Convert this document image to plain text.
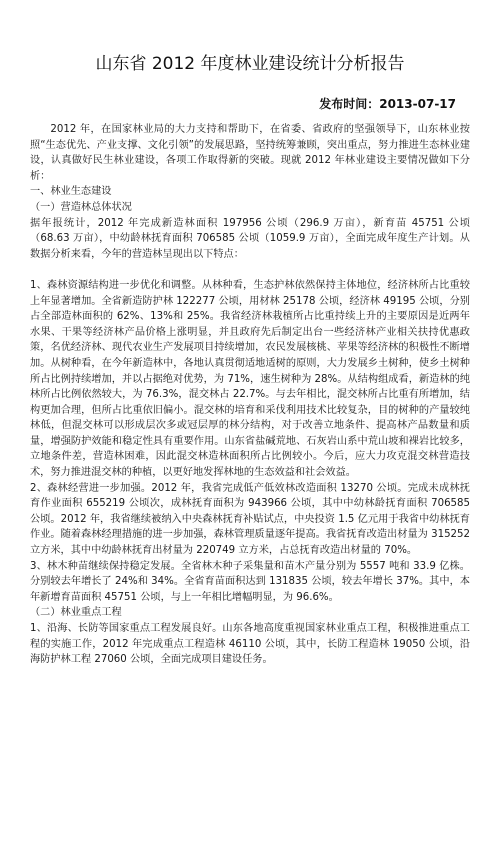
山东省 2012 年度林业建设统计分析报告
发布时间：2013-07-17

2012 年，在国家林业局的大力支持和帮助下，在省委、省政府的坚强领导下，山东林业按照“生态优先、产业支撑、文化引领”的发展思路，坚持统筹兼顾，突出重点，努力推进生态林业建设，认真做好民生林业建设，各项工作取得新的突破。现就 2012 年林业建设主要情况做如下分析：

一、林业生态建设

（一）营造林总体状况

据年报统计，2012 年完成新造林面积 197956 公顷（296.9 万亩），新育苗 45751 公顷（68.63 万亩），中幼龄林抚育面积 706585 公顷（1059.9 万亩），全面完成年度生产计划。从数据分析来看，今年的营造林呈现出以下特点：

1、森林资源结构进一步优化和调整。从林种看，生态护林依然保持主体地位，经济林所占比重较上年显著增加。全省新造防护林 122277 公顷，用材林 25178 公顷，经济林 49195 公顷，分别占全部造林面积的 62%、13%和 25%。我省经济林栽植所占比重持续上升的主要原因是近两年水果、干果等经济林产品价格上涨明显，并且政府先后制定出台一些经济林产业相关扶持优惠政策，名优经济林、现代农业生产发展项目持续增加，农民发展核桃、苹果等经济林的积极性不断增加。从树种看，在今年新造林中，各地认真贯彻适地适树的原则，大力发展乡土树种，使乡土树种所占比例持续增加，并以占据绝对优势，为 71%，速生树种为 28%。从结构组成看，新造林的纯林所占比例依然较大，为 76.3%，混交林占 22.7%。与去年相比，混交林所占比重有所增加，结构更加合理，但所占比重依旧偏小。混交林的培育和采伐利用技术比较复杂，目的树种的产量较纯林低，但混交林可以形成层次多或冠层厚的林分结构，对于改善立地条件、提高林产品数量和质量，增强防护效能和稳定性具有重要作用。山东省盐碱荒地、石灰岩山系中荒山坡和裸岩比较多，立地条件差，营造林困难，因此混交林造林面积所占比例较小。今后，应大力攻克混交林营造技术，努力推进混交林的种植，以更好地发挥林地的生态效益和社会效益。

2、森林经营进一步加强。2012 年，我省完成低产低效林改造面积 13270 公顷。完成未成林抚育作业面积 655219 公顷次，成林抚育面积为 943966 公顷，其中中幼林龄抚育面积 706585 公顷。2012 年，我省继续被纳入中央森林抚育补贴试点，中央投资 1.5 亿元用于我省中幼林抚育作业。随着森林经理措施的进一步加强，森林管理质量逐年提高。我省抚育改造出材量为 315252 立方米，其中中幼龄林抚育出材量为 220749 立方米，占总抚育改造出材量的 70%。

3、林木种苗继续保持稳定发展。全省林木种子采集量和苗木产量分别为 5557 吨和 33.9 亿株。分别较去年增长了 24%和 34%。全省育苗面积达到 131835 公顷，较去年增长 37%。其中，本年新增育苗面积 45751 公顷，与上一年相比增幅明显，为 96.6%。

（二）林业重点工程

1、沿海、长防等国家重点工程发展良好。山东各地高度重视国家林业重点工程，积极推进重点工程的实施工作，2012 年完成重点工程造林 46110 公顷，其中，长防工程造林 19050 公顷，沿海防护林工程 27060 公顷，全面完成项目建设任务。
